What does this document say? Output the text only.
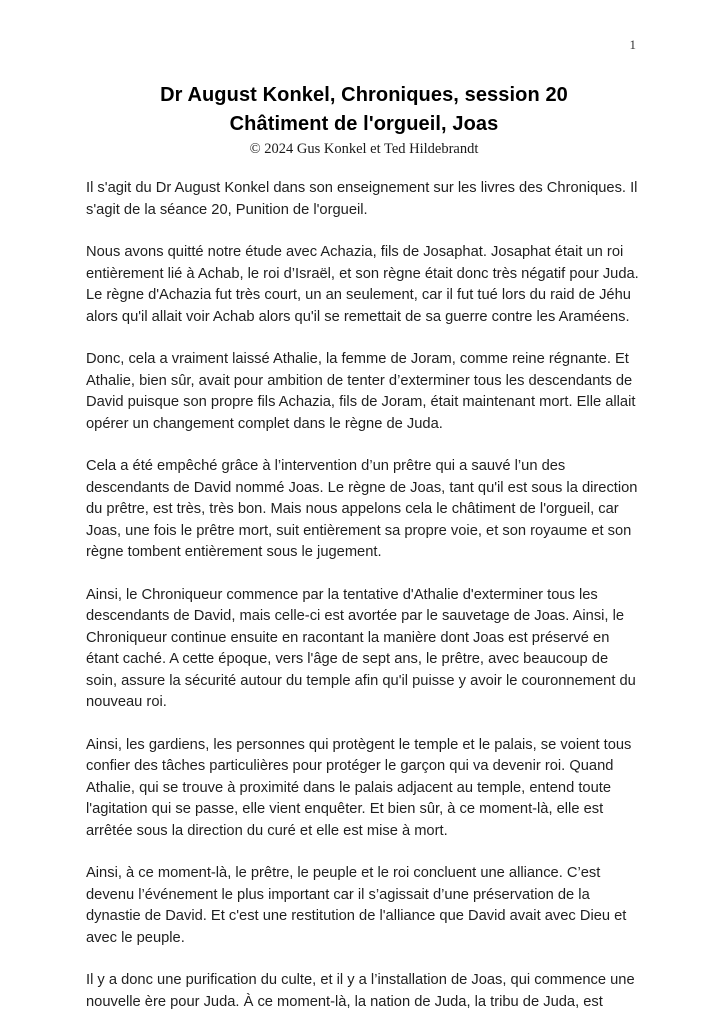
1
Dr August Konkel, Chroniques, session 20
Châtiment de l'orgueil, Joas
© 2024 Gus Konkel et Ted Hildebrandt

Il s'agit du Dr August Konkel dans son enseignement sur les livres des Chroniques. Il s'agit de la séance 20, Punition de l'orgueil.

Nous avons quitté notre étude avec Achazia, fils de Josaphat. Josaphat était un roi entièrement lié à Achab, le roi d’Israël, et son règne était donc très négatif pour Juda. Le règne d'Achazia fut très court, un an seulement, car il fut tué lors du raid de Jéhu alors qu'il allait voir Achab alors qu'il se remettait de sa guerre contre les Araméens.

Donc, cela a vraiment laissé Athalie, la femme de Joram, comme reine régnante. Et Athalie, bien sûr, avait pour ambition de tenter d’exterminer tous les descendants de David puisque son propre fils Achazia, fils de Joram, était maintenant mort. Elle allait opérer un changement complet dans le règne de Juda.

Cela a été empêché grâce à l’intervention d’un prêtre qui a sauvé l’un des descendants de David nommé Joas. Le règne de Joas, tant qu'il est sous la direction du prêtre, est très, très bon. Mais nous appelons cela le châtiment de l'orgueil, car Joas, une fois le prêtre mort, suit entièrement sa propre voie, et son royaume et son règne tombent entièrement sous le jugement.

Ainsi, le Chroniqueur commence par la tentative d'Athalie d'exterminer tous les descendants de David, mais celle-ci est avortée par le sauvetage de Joas. Ainsi, le Chroniqueur continue ensuite en racontant la manière dont Joas est préservé en étant caché. A cette époque, vers l'âge de sept ans, le prêtre, avec beaucoup de soin, assure la sécurité autour du temple afin qu'il puisse y avoir le couronnement du nouveau roi.

Ainsi, les gardiens, les personnes qui protègent le temple et le palais, se voient tous confier des tâches particulières pour protéger le garçon qui va devenir roi. Quand Athalie, qui se trouve à proximité dans le palais adjacent au temple, entend toute l'agitation qui se passe, elle vient enquêter. Et bien sûr, à ce moment-là, elle est arrêtée sous la direction du curé et elle est mise à mort.

Ainsi, à ce moment-là, le prêtre, le peuple et le roi concluent une alliance. C’est devenu l’événement le plus important car il s’agissait d’une préservation de la dynastie de David. Et c'est une restitution de l'alliance que David avait avec Dieu et avec le peuple.

Il y a donc une purification du culte, et il y a l’installation de Joas, qui commence une nouvelle ère pour Juda. À ce moment-là, la nation de Juda, la tribu de Juda, est
